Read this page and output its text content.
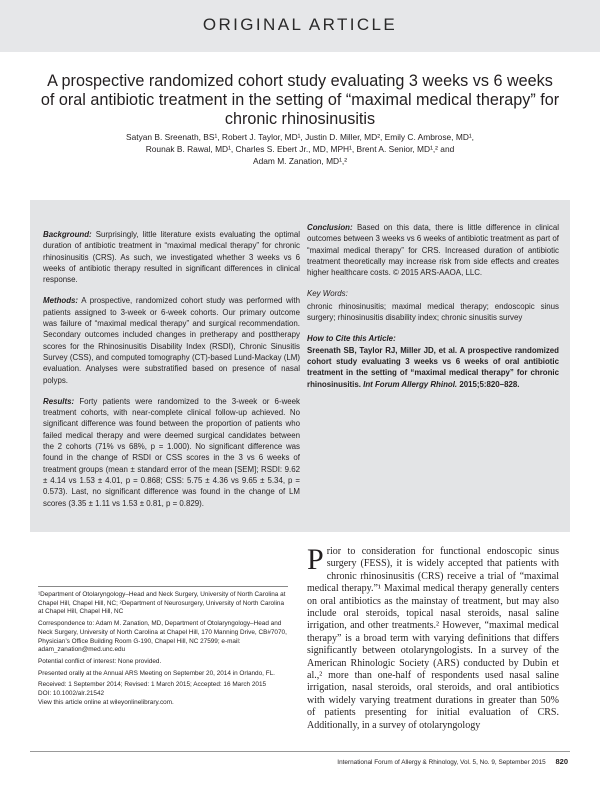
ORIGINAL ARTICLE
A prospective randomized cohort study evaluating 3 weeks vs 6 weeks of oral antibiotic treatment in the setting of “maximal medical therapy” for chronic rhinosinusitis
Satyan B. Sreenath, BS¹, Robert J. Taylor, MD¹, Justin D. Miller, MD², Emily C. Ambrose, MD¹,
Rounak B. Rawal, MD¹, Charles S. Ebert Jr., MD, MPH¹, Brent A. Senior, MD¹,² and
Adam M. Zanation, MD¹,²

Background: Surprisingly, little literature exists evaluating the optimal duration of antibiotic treatment in “maximal medical therapy” for chronic rhinosinusitis (CRS). As such, we investigated whether 3 weeks vs 6 weeks of antibiotic therapy resulted in significant differences in clinical response.

Methods: A prospective, randomized cohort study was performed with patients assigned to 3-week or 6-week cohorts. Our primary outcome was failure of “maximal medical therapy” and surgical recommendation. Secondary outcomes included changes in pretherapy and posttherapy scores for the Rhinosinusitis Disability Index (RSDI), Chronic Sinusitis Survey (CSS), and computed tomography (CT)-based Lund-Mackay (LM) evaluation. Analyses were substratified based on presence of nasal polyps.

Results: Forty patients were randomized to the 3-week or 6-week treatment cohorts, with near-complete clinical follow-up achieved. No significant difference was found between the proportion of patients who failed medical therapy and were deemed surgical candidates between the 2 cohorts (71% vs 68%, p = 1.000). No significant difference was found in the change of RSDI or CSS scores in the 3 vs 6 weeks of treatment groups (mean ± standard error of the mean [SEM]; RSDI: 9.62 ± 4.14 vs 1.53 ± 4.01, p = 0.868; CSS: 5.75 ± 4.36 vs 9.65 ± 5.34, p = 0.573). Last, no significant difference was found in the change of LM scores (3.35 ± 1.11 vs 1.53 ± 0.81, p = 0.829).

Conclusion: Based on this data, there is little difference in clinical outcomes between 3 weeks vs 6 weeks of antibiotic treatment as part of “maximal medical therapy” for CRS. Increased duration of antibiotic treatment theoretically may increase risk from side effects and creates higher healthcare costs. © 2015 ARS-AAOA, LLC.

Key Words:
chronic rhinosinusitis; maximal medical therapy; endoscopic sinus surgery; rhinosinusitis disability index; chronic sinusitis survey

How to Cite this Article:
Sreenath SB, Taylor RJ, Miller JD, et al. A prospective randomized cohort study evaluating 3 weeks vs 6 weeks of oral antibiotic treatment in the setting of “maximal medical therapy” for chronic rhinosinusitis. Int Forum Allergy Rhinol. 2015;5:820–828.

¹Department of Otolaryngology–Head and Neck Surgery, University of North Carolina at Chapel Hill, Chapel Hill, NC; ²Department of Neurosurgery, University of North Carolina at Chapel Hill, Chapel Hill, NC

Correspondence to: Adam M. Zanation, MD, Department of Otolaryngology–Head and Neck Surgery, University of North Carolina at Chapel Hill, 170 Manning Drive, CB#7070, Physician’s Office Building Room G-190, Chapel Hill, NC 27599; e-mail: adam_zanation@med.unc.edu

Potential conflict of interest: None provided.

Presented orally at the Annual ARS Meeting on September 20, 2014 in Orlando, FL.

Received: 1 September 2014; Revised: 1 March 2015; Accepted: 16 March 2015

DOI: 10.1002/alr.21542

View this article online at wileyonlinelibrary.com.

Prior to consideration for functional endoscopic sinus surgery (FESS), it is widely accepted that patients with chronic rhinosinusitis (CRS) receive a trial of “maximal medical therapy.”¹ Maximal medical therapy generally centers on oral antibiotics as the mainstay of treatment, but may also include oral steroids, topical nasal steroids, nasal saline irrigation, and other treatments.² However, “maximal medical therapy” is a broad term with varying definitions that differs significantly between otolaryngologists. In a survey of the American Rhinologic Society (ARS) conducted by Dubin et al.,² more than one-half of respondents used nasal saline irrigation, nasal steroids, oral steroids, and oral antibiotics with widely varying treatment durations in greater than 50% of patients presenting for initial evaluation of CRS. Additionally, in a survey of otolaryngology
International Forum of Allergy & Rhinology, Vol. 5, No. 9, September 2015 820
